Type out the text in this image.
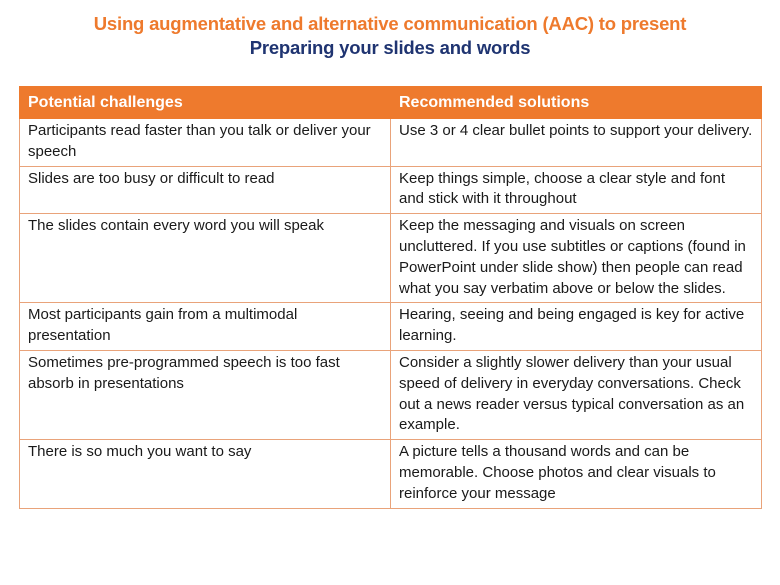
Using augmentative and alternative communication (AAC) to present
Preparing your slides and words
Potential challenges	Recommended solutions
Participants read faster than you talk or deliver your speech	Use 3 or 4 clear bullet points to support your delivery.
Slides are too busy or difficult to read	Keep things simple, choose a clear style and font and stick with it throughout
The slides contain every word you will speak	Keep the messaging and visuals on screen uncluttered. If you use subtitles or captions (found in PowerPoint under slide show) then people can read what you say verbatim above or below the slides.
Most participants gain from a multimodal presentation	Hearing, seeing and being engaged is key for active learning.
Sometimes pre-programmed speech is too fast absorb in presentations	Consider a slightly slower delivery than your usual speed of delivery in everyday conversations. Check out a news reader versus typical conversation as an example.
There is so much you want to say	A picture tells a thousand words and can be memorable. Choose photos and clear visuals to reinforce your message
